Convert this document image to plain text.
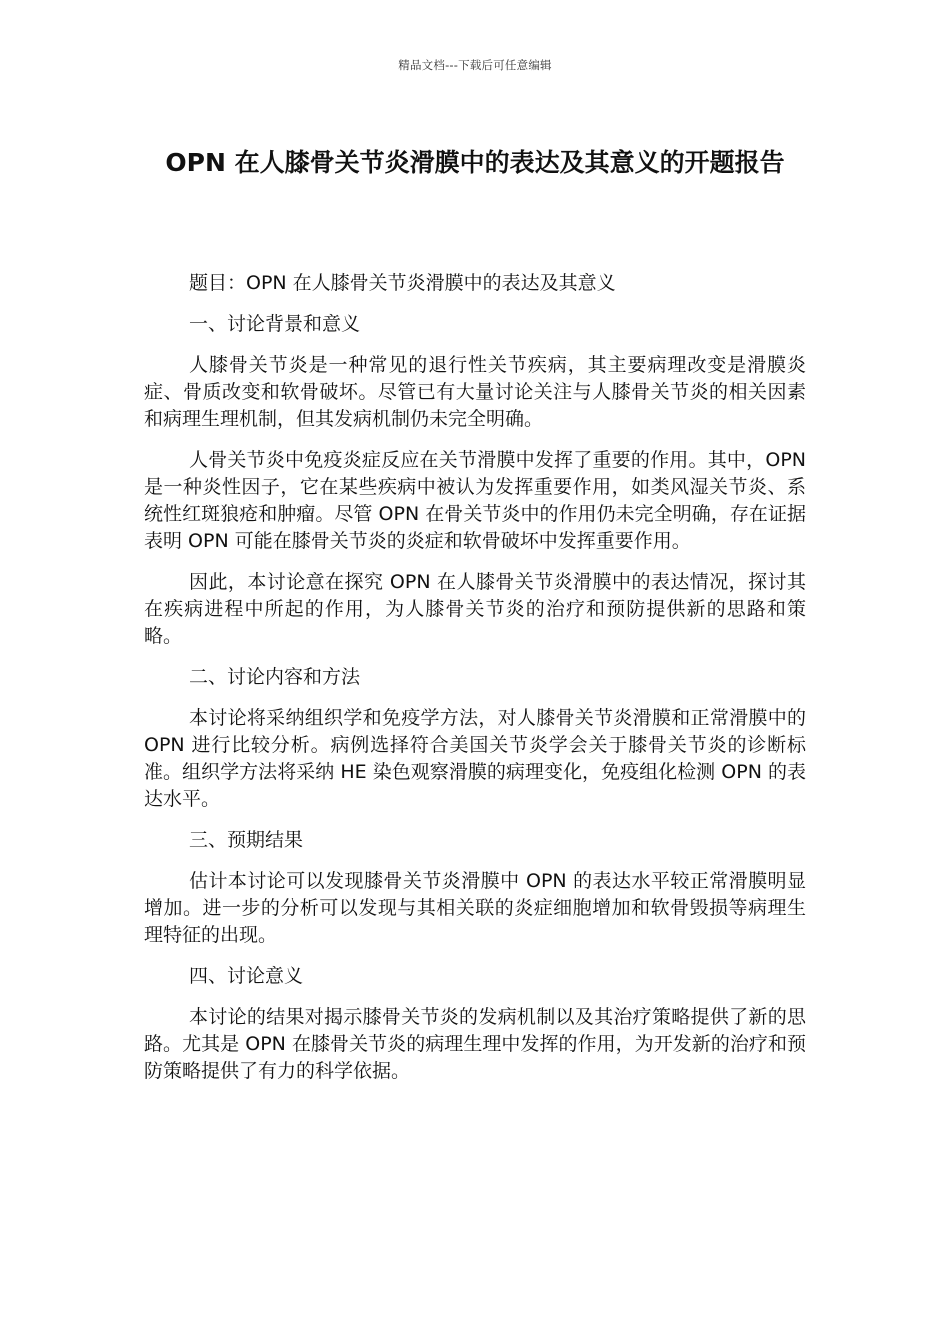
精品文档---下载后可任意编辑
OPN 在人膝骨关节炎滑膜中的表达及其意义的开题报告

题目：OPN 在人膝骨关节炎滑膜中的表达及其意义

一、讨论背景和意义

人膝骨关节炎是一种常见的退行性关节疾病，其主要病理改变是滑膜炎症、骨质改变和软骨破坏。尽管已有大量讨论关注与人膝骨关节炎的相关因素和病理生理机制，但其发病机制仍未完全明确。

人骨关节炎中免疫炎症反应在关节滑膜中发挥了重要的作用。其中，OPN 是一种炎性因子，它在某些疾病中被认为发挥重要作用，如类风湿关节炎、系统性红斑狼疮和肿瘤。尽管 OPN 在骨关节炎中的作用仍未完全明确，存在证据表明 OPN 可能在膝骨关节炎的炎症和软骨破坏中发挥重要作用。

因此，本讨论意在探究 OPN 在人膝骨关节炎滑膜中的表达情况，探讨其在疾病进程中所起的作用，为人膝骨关节炎的治疗和预防提供新的思路和策略。

二、讨论内容和方法

本讨论将采纳组织学和免疫学方法，对人膝骨关节炎滑膜和正常滑膜中的 OPN 进行比较分析。病例选择符合美国关节炎学会关于膝骨关节炎的诊断标准。组织学方法将采纳 HE 染色观察滑膜的病理变化，免疫组化检测 OPN 的表达水平。

三、预期结果

估计本讨论可以发现膝骨关节炎滑膜中 OPN 的表达水平较正常滑膜明显增加。进一步的分析可以发现与其相关联的炎症细胞增加和软骨毁损等病理生理特征的出现。

四、讨论意义

本讨论的结果对揭示膝骨关节炎的发病机制以及其治疗策略提供了新的思路。尤其是 OPN 在膝骨关节炎的病理生理中发挥的作用，为开发新的治疗和预防策略提供了有力的科学依据。
